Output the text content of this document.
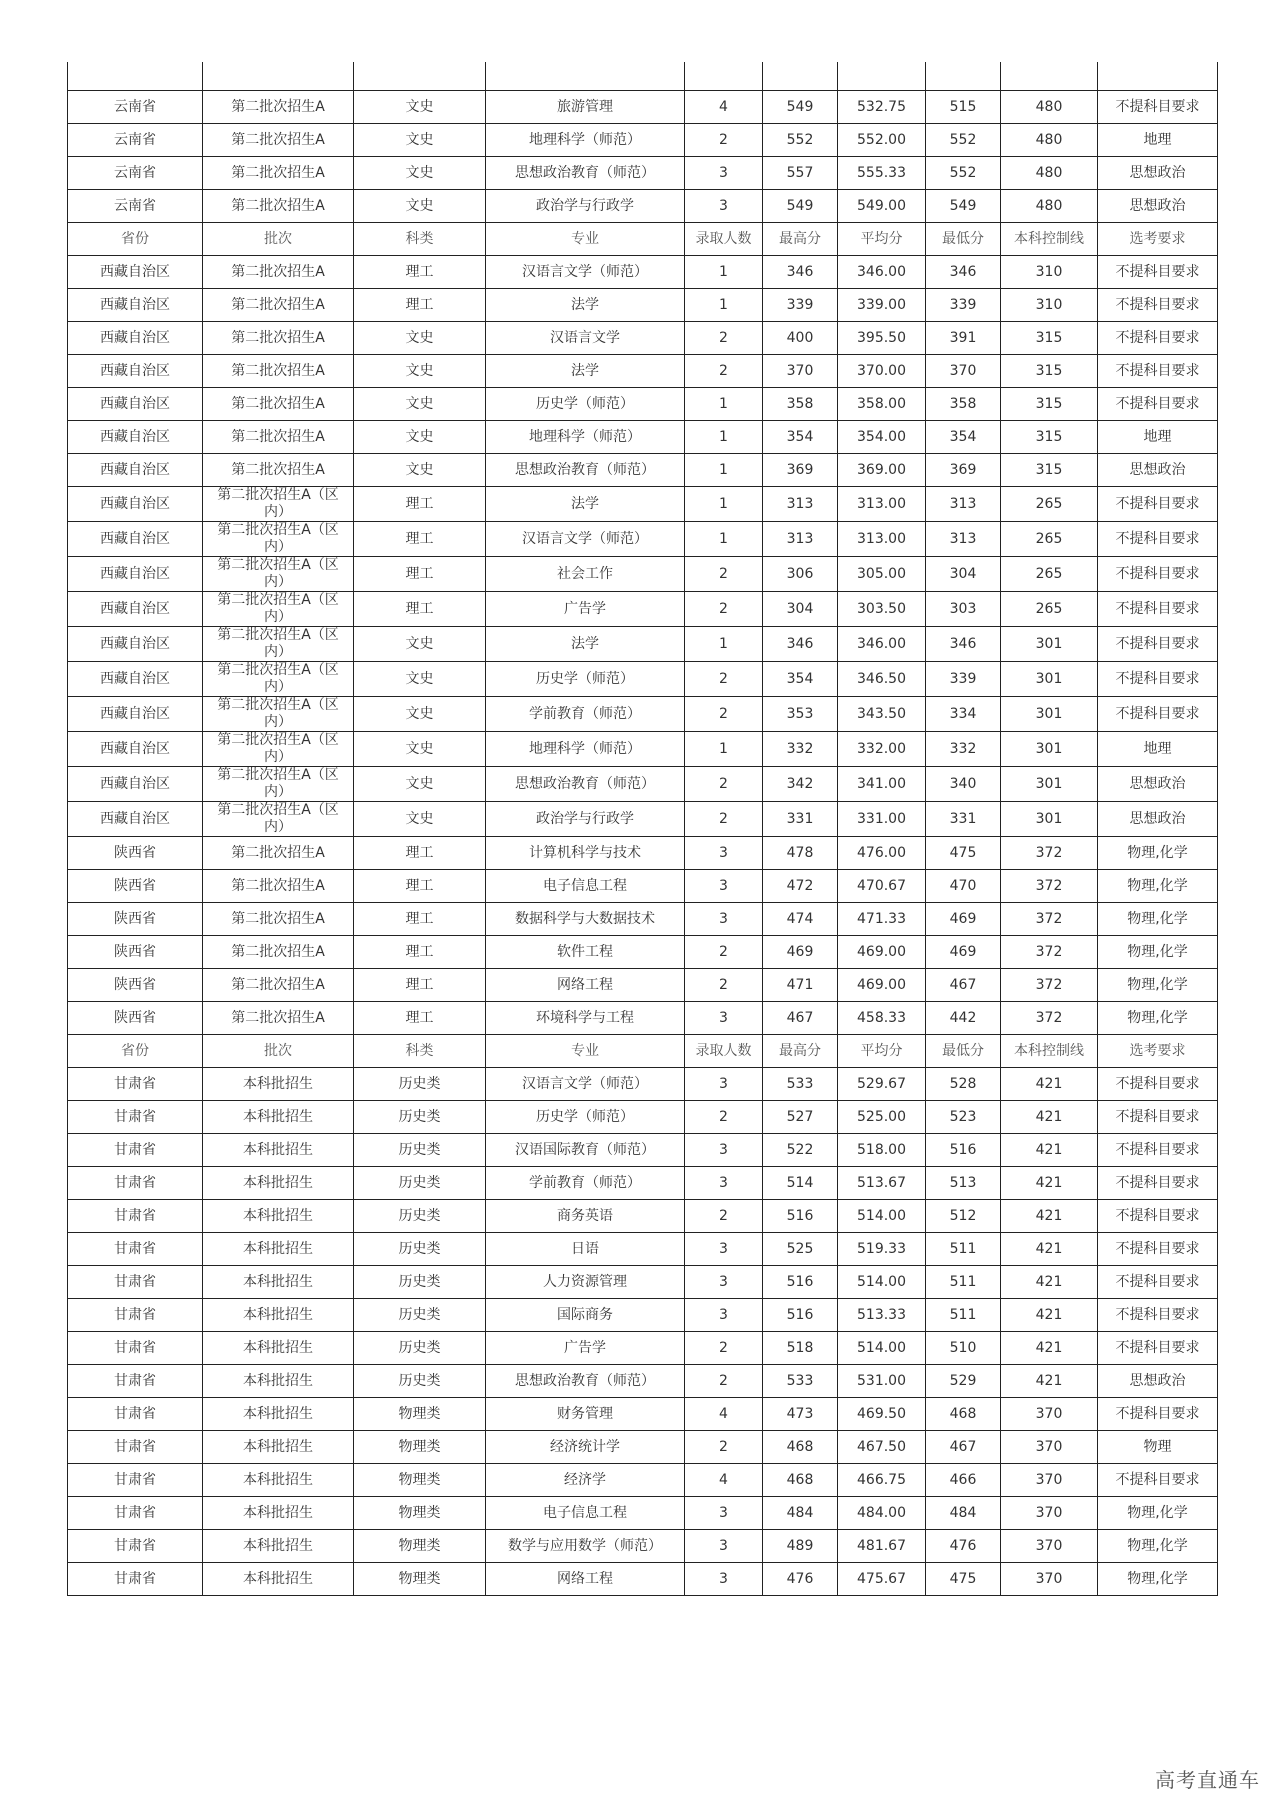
云南省	第二批次招生A	文史	旅游管理	4	549	532.75	515	480	不提科目要求
云南省	第二批次招生A	文史	地理科学（师范）	2	552	552.00	552	480	地理
云南省	第二批次招生A	文史	思想政治教育（师范）	3	557	555.33	552	480	思想政治
云南省	第二批次招生A	文史	政治学与行政学	3	549	549.00	549	480	思想政治
省份	批次	科类	专业	录取人数	最高分	平均分	最低分	本科控制线	选考要求
西藏自治区	第二批次招生A	理工	汉语言文学（师范）	1	346	346.00	346	310	不提科目要求
西藏自治区	第二批次招生A	理工	法学	1	339	339.00	339	310	不提科目要求
西藏自治区	第二批次招生A	文史	汉语言文学	2	400	395.50	391	315	不提科目要求
西藏自治区	第二批次招生A	文史	法学	2	370	370.00	370	315	不提科目要求
西藏自治区	第二批次招生A	文史	历史学（师范）	1	358	358.00	358	315	不提科目要求
西藏自治区	第二批次招生A	文史	地理科学（师范）	1	354	354.00	354	315	地理
西藏自治区	第二批次招生A	文史	思想政治教育（师范）	1	369	369.00	369	315	思想政治
西藏自治区	第二批次招生A（区内）	理工	法学	1	313	313.00	313	265	不提科目要求
西藏自治区	第二批次招生A（区内）	理工	汉语言文学（师范）	1	313	313.00	313	265	不提科目要求
西藏自治区	第二批次招生A（区内）	理工	社会工作	2	306	305.00	304	265	不提科目要求
西藏自治区	第二批次招生A（区内）	理工	广告学	2	304	303.50	303	265	不提科目要求
西藏自治区	第二批次招生A（区内）	文史	法学	1	346	346.00	346	301	不提科目要求
西藏自治区	第二批次招生A（区内）	文史	历史学（师范）	2	354	346.50	339	301	不提科目要求
西藏自治区	第二批次招生A（区内）	文史	学前教育（师范）	2	353	343.50	334	301	不提科目要求
西藏自治区	第二批次招生A（区内）	文史	地理科学（师范）	1	332	332.00	332	301	地理
西藏自治区	第二批次招生A（区内）	文史	思想政治教育（师范）	2	342	341.00	340	301	思想政治
西藏自治区	第二批次招生A（区内）	文史	政治学与行政学	2	331	331.00	331	301	思想政治
陕西省	第二批次招生A	理工	计算机科学与技术	3	478	476.00	475	372	物理,化学
陕西省	第二批次招生A	理工	电子信息工程	3	472	470.67	470	372	物理,化学
陕西省	第二批次招生A	理工	数据科学与大数据技术	3	474	471.33	469	372	物理,化学
陕西省	第二批次招生A	理工	软件工程	2	469	469.00	469	372	物理,化学
陕西省	第二批次招生A	理工	网络工程	2	471	469.00	467	372	物理,化学
陕西省	第二批次招生A	理工	环境科学与工程	3	467	458.33	442	372	物理,化学
省份	批次	科类	专业	录取人数	最高分	平均分	最低分	本科控制线	选考要求
甘肃省	本科批招生	历史类	汉语言文学（师范）	3	533	529.67	528	421	不提科目要求
甘肃省	本科批招生	历史类	历史学（师范）	2	527	525.00	523	421	不提科目要求
甘肃省	本科批招生	历史类	汉语国际教育（师范）	3	522	518.00	516	421	不提科目要求
甘肃省	本科批招生	历史类	学前教育（师范）	3	514	513.67	513	421	不提科目要求
甘肃省	本科批招生	历史类	商务英语	2	516	514.00	512	421	不提科目要求
甘肃省	本科批招生	历史类	日语	3	525	519.33	511	421	不提科目要求
甘肃省	本科批招生	历史类	人力资源管理	3	516	514.00	511	421	不提科目要求
甘肃省	本科批招生	历史类	国际商务	3	516	513.33	511	421	不提科目要求
甘肃省	本科批招生	历史类	广告学	2	518	514.00	510	421	不提科目要求
甘肃省	本科批招生	历史类	思想政治教育（师范）	2	533	531.00	529	421	思想政治
甘肃省	本科批招生	物理类	财务管理	4	473	469.50	468	370	不提科目要求
甘肃省	本科批招生	物理类	经济统计学	2	468	467.50	467	370	物理
甘肃省	本科批招生	物理类	经济学	4	468	466.75	466	370	不提科目要求
甘肃省	本科批招生	物理类	电子信息工程	3	484	484.00	484	370	物理,化学
甘肃省	本科批招生	物理类	数学与应用数学（师范）	3	489	481.67	476	370	物理,化学
甘肃省	本科批招生	物理类	网络工程	3	476	475.67	475	370	物理,化学
高考直通车
